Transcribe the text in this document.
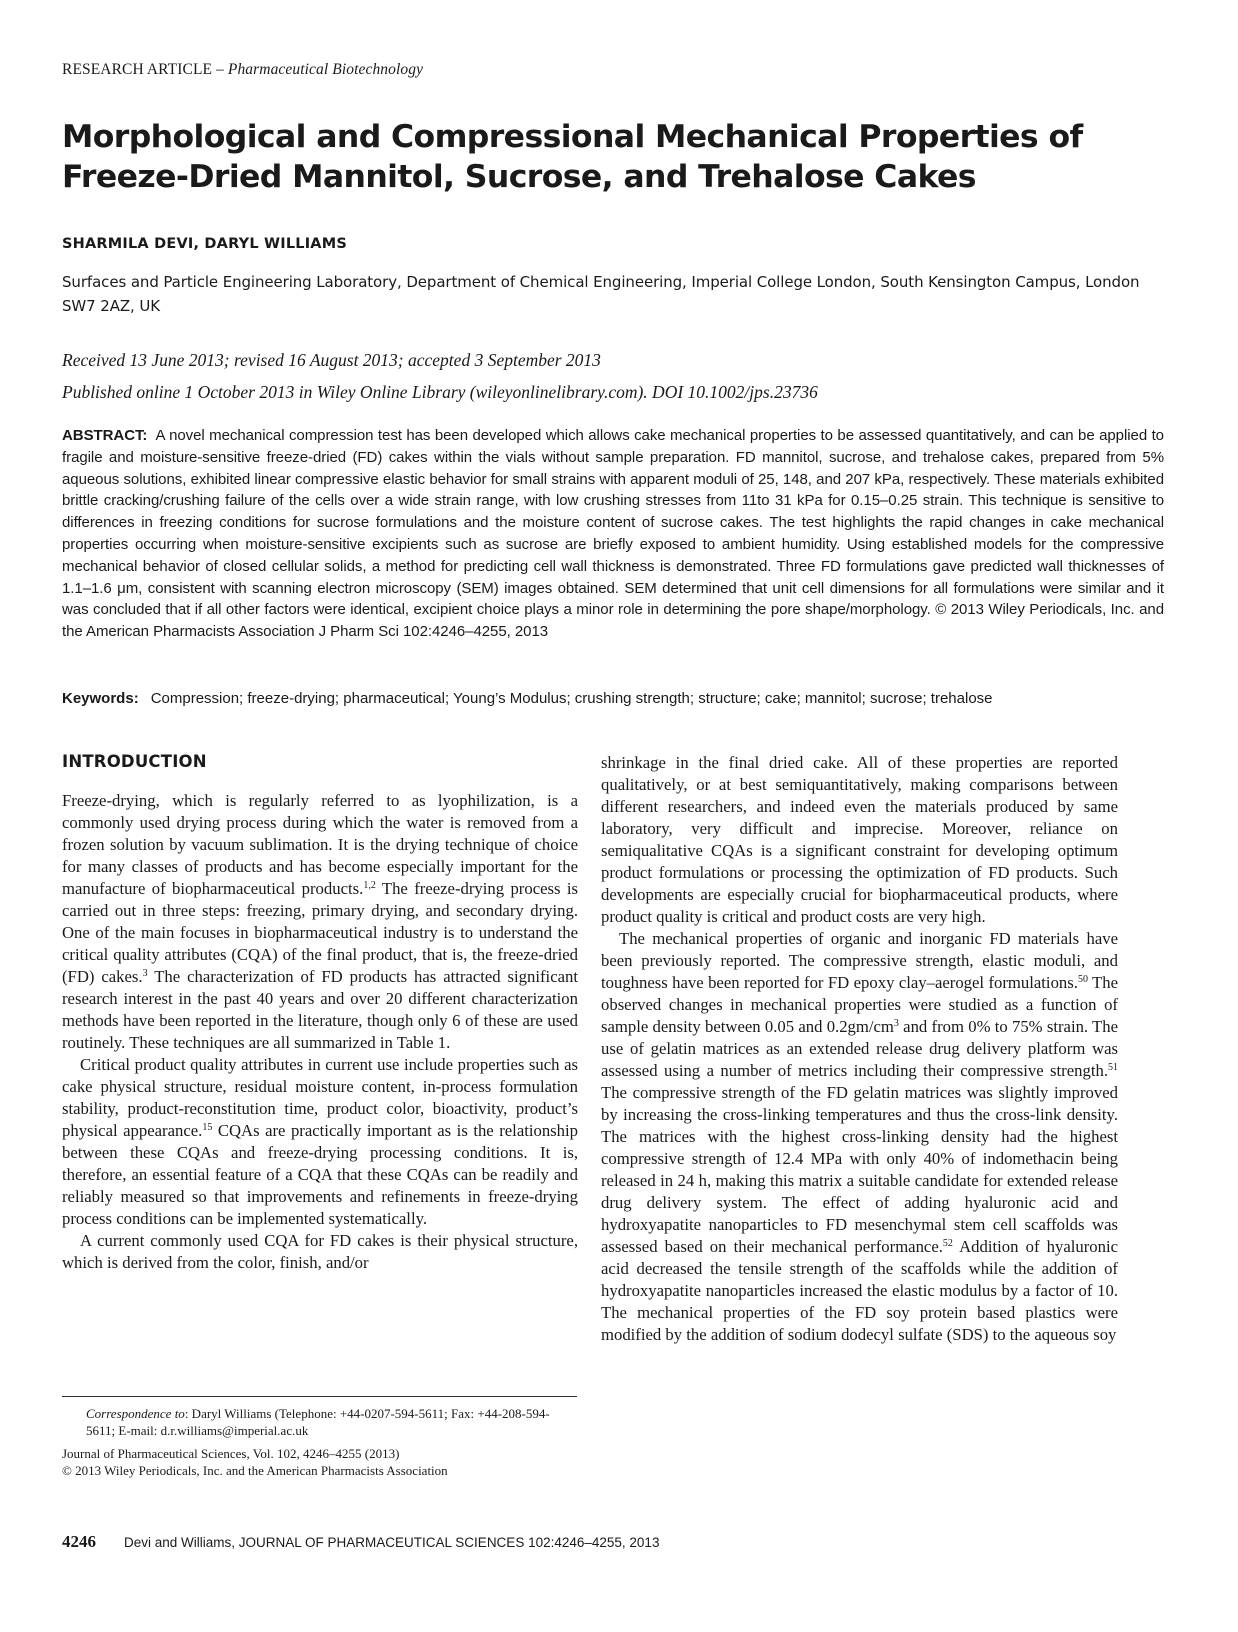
RESEARCH ARTICLE – Pharmaceutical Biotechnology
Morphological and Compressional Mechanical Properties of Freeze-Dried Mannitol, Sucrose, and Trehalose Cakes
SHARMILA DEVI, DARYL WILLIAMS
Surfaces and Particle Engineering Laboratory, Department of Chemical Engineering, Imperial College London, South Kensington Campus, London SW7 2AZ, UK
Received 13 June 2013; revised 16 August 2013; accepted 3 September 2013
Published online 1 October 2013 in Wiley Online Library (wileyonlinelibrary.com). DOI 10.1002/jps.23736

ABSTRACT: A novel mechanical compression test has been developed which allows cake mechanical properties to be assessed quantitatively, and can be applied to fragile and moisture-sensitive freeze-dried (FD) cakes within the vials without sample preparation. FD mannitol, sucrose, and trehalose cakes, prepared from 5% aqueous solutions, exhibited linear compressive elastic behavior for small strains with apparent moduli of 25, 148, and 207 kPa, respectively. These materials exhibited brittle cracking/crushing failure of the cells over a wide strain range, with low crushing stresses from 11to 31 kPa for 0.15–0.25 strain. This technique is sensitive to differences in freezing conditions for sucrose formulations and the moisture content of sucrose cakes. The test highlights the rapid changes in cake mechanical properties occurring when moisture-sensitive excipients such as sucrose are briefly exposed to ambient humidity. Using established models for the compressive mechanical behavior of closed cellular solids, a method for predicting cell wall thickness is demonstrated. Three FD formulations gave predicted wall thicknesses of 1.1–1.6 μm, consistent with scanning electron microscopy (SEM) images obtained. SEM determined that unit cell dimensions for all formulations were similar and it was concluded that if all other factors were identical, excipient choice plays a minor role in determining the pore shape/morphology. © 2013 Wiley Periodicals, Inc. and the American Pharmacists Association J Pharm Sci 102:4246–4255, 2013

Keywords: Compression; freeze-drying; pharmaceutical; Young’s Modulus; crushing strength; structure; cake; mannitol; sucrose; trehalose
INTRODUCTION

Freeze-drying, which is regularly referred to as lyophilization, is a commonly used drying process during which the water is removed from a frozen solution by vacuum sublimation. It is the drying technique of choice for many classes of products and has become especially important for the manufacture of biopharmaceutical products.$^{1,2}$ The freeze-drying process is carried out in three steps: freezing, primary drying, and secondary drying. One of the main focuses in biopharmaceutical industry is to understand the critical quality attributes (CQA) of the final product, that is, the freeze-dried (FD) cakes.$^3$ The characterization of FD products has attracted significant research interest in the past 40 years and over 20 different characterization methods have been reported in the literature, though only 6 of these are used routinely. These techniques are all summarized in Table 1.

Critical product quality attributes in current use include properties such as cake physical structure, residual moisture content, in-process formulation stability, product-reconstitution time, product color, bioactivity, product’s physical appearance.$^{15}$ CQAs are practically important as is the relationship between these CQAs and freeze-drying processing conditions. It is, therefore, an essential feature of a CQA that these CQAs can be readily and reliably measured so that improvements and refinements in freeze-drying process conditions can be implemented systematically.

A current commonly used CQA for FD cakes is their physical structure, which is derived from the color, finish, and/or

shrinkage in the final dried cake. All of these properties are reported qualitatively, or at best semiquantitatively, making comparisons between different researchers, and indeed even the materials produced by same laboratory, very difficult and imprecise. Moreover, reliance on semiqualitative CQAs is a significant constraint for developing optimum product formulations or processing the optimization of FD products. Such developments are especially crucial for biopharmaceutical products, where product quality is critical and product costs are very high.

The mechanical properties of organic and inorganic FD materials have been previously reported. The compressive strength, elastic moduli, and toughness have been reported for FD epoxy clay–aerogel formulations.$^{50}$ The observed changes in mechanical properties were studied as a function of sample density between 0.05 and $0.2gm/cm^3$ and from 0% to 75% strain. The use of gelatin matrices as an extended release drug delivery platform was assessed using a number of metrics including their compressive strength.$^{51}$ The compressive strength of the FD gelatin matrices was slightly improved by increasing the cross-linking temperatures and thus the cross-link density. The matrices with the highest cross-linking density had the highest compressive strength of 12.4 MPa with only 40% of indomethacin being released in 24 h, making this matrix a suitable candidate for extended release drug delivery system. The effect of adding hyaluronic acid and hydroxyapatite nanoparticles to FD mesenchymal stem cell scaffolds was assessed based on their mechanical performance.$^{52}$ Addition of hyaluronic acid decreased the tensile strength of the scaffolds while the addition of hydroxyapatite nanoparticles increased the elastic modulus by a factor of 10. The mechanical properties of the FD soy protein based plastics were modified by the addition of sodium dodecyl sulfate (SDS) to the aqueous soy

Correspondence to: Daryl Williams (Telephone: +44-0207-594-5611; Fax: +44-208-594-5611; E-mail: d.r.williams@imperial.ac.uk

Journal of Pharmaceutical Sciences, Vol. 102, 4246–4255 (2013)

© 2013 Wiley Periodicals, Inc. and the American Pharmacists Association

4246 Devi and Williams, JOURNAL OF PHARMACEUTICAL SCIENCES 102:4246–4255, 2013
